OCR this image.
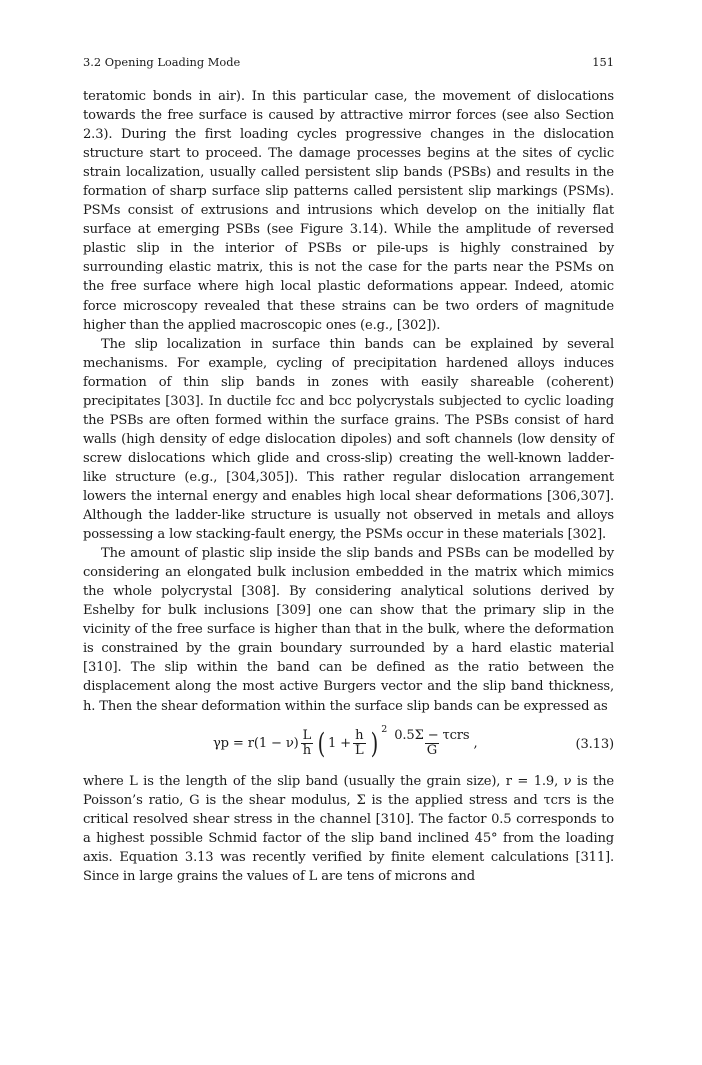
3.2 Opening Loading Mode	151

teratomic bonds in air). In this particular case, the movement of dislocations towards the free surface is caused by attractive mirror forces (see also Section 2.3). During the first loading cycles progressive changes in the dislocation structure start to proceed. The damage processes begins at the sites of cyclic strain localization, usually called persistent slip bands (PSBs) and results in the formation of sharp surface slip patterns called persistent slip markings (PSMs). PSMs consist of extrusions and intrusions which develop on the initially flat surface at emerging PSBs (see Figure 3.14). While the amplitude of reversed plastic slip in the interior of PSBs or pile-ups is highly constrained by surrounding elastic matrix, this is not the case for the parts near the PSMs on the free surface where high local plastic deformations appear. Indeed, atomic force microscopy revealed that these strains can be two orders of magnitude higher than the applied macroscopic ones (e.g., [302]).

The slip localization in surface thin bands can be explained by several mechanisms. For example, cycling of precipitation hardened alloys induces formation of thin slip bands in zones with easily shareable (coherent) precipitates [303]. In ductile fcc and bcc polycrystals subjected to cyclic loading the PSBs are often formed within the surface grains. The PSBs consist of hard walls (high density of edge dislocation dipoles) and soft channels (low density of screw dislocations which glide and cross-slip) creating the well-known ladder-like structure (e.g., [304,305]). This rather regular dislocation arrangement lowers the internal energy and enables high local shear deformations [306,307]. Although the ladder-like structure is usually not observed in metals and alloys possessing a low stacking-fault energy, the PSMs occur in these materials [302].

The amount of plastic slip inside the slip bands and PSBs can be modelled by considering an elongated bulk inclusion embedded in the matrix which mimics the whole polycrystal [308]. By considering analytical solutions derived by Eshelby for bulk inclusions [309] one can show that the primary slip in the vicinity of the free surface is higher than that in the bulk, where the deformation is constrained by the grain boundary surrounded by a hard elastic material [310]. The slip within the band can be defined as the ratio between the displacement along the most active Burgers vector and the slip band thickness, h. Then the shear deformation within the surface slip bands can be expressed as

$\gamma p = r(1 - \nu) \frac{L}{h}$ ( $1 + \frac{h}{L}$ ) $2 \frac{\text{0.5Σ − τcrs}}{G}$ ,	(3.13)

where L is the length of the slip band (usually the grain size), r = 1.9, ν is the Poisson’s ratio, G is the shear modulus, Σ is the applied stress and τcrs is the critical resolved shear stress in the channel [310]. The factor 0.5 corresponds to a highest possible Schmid factor of the slip band inclined 45° from the loading axis. Equation 3.13 was recently verified by finite element calculations [311]. Since in large grains the values of L are tens of microns and
